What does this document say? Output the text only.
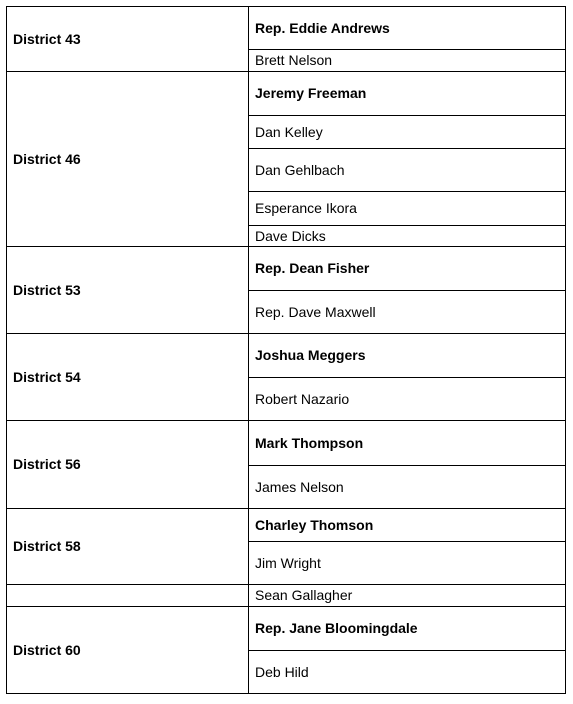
District 43
Rep. Eddie Andrews
Brett Nelson
District 46
Jeremy Freeman
Dan Kelley
Dan Gehlbach
Esperance Ikora
Dave Dicks
District 53
Rep. Dean Fisher
Rep. Dave Maxwell
District 54
Joshua Meggers
Robert Nazario
District 56
Mark Thompson
James Nelson
District 58
Charley Thomson
Jim Wright
Sean Gallagher
District 60
Rep. Jane Bloomingdale
Deb Hild
